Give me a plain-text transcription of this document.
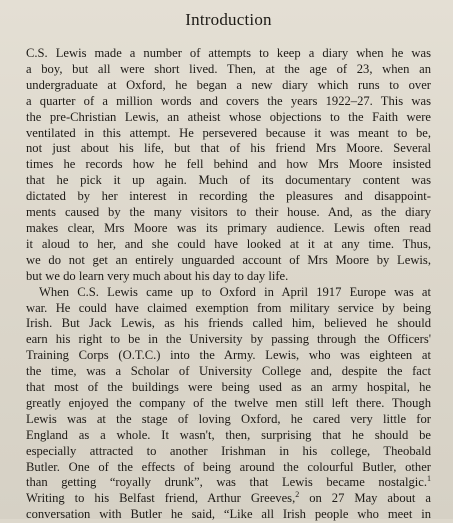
Introduction
C.S. Lewis made a number of attempts to keep a diary when he was
a boy, but all were short lived. Then, at the age of 23, when an
undergraduate at Oxford, he began a new diary which runs to over
a quarter of a million words and covers the years 1922–27. This was
the pre-Christian Lewis, an atheist whose objections to the Faith were
ventilated in this attempt. He persevered because it was meant to be,
not just about his life, but that of his friend Mrs Moore. Several
times he records how he fell behind and how Mrs Moore insisted
that he pick it up again. Much of its documentary content was
dictated by her interest in recording the pleasures and disappoint-
ments caused by the many visitors to their house. And, as the diary
makes clear, Mrs Moore was its primary audience. Lewis often read
it aloud to her, and she could have looked at it at any time. Thus,
we do not get an entirely unguarded account of Mrs Moore by Lewis,
but we do learn very much about his day to day life.
When C.S. Lewis came up to Oxford in April 1917 Europe was at
war. He could have claimed exemption from military service by being
Irish. But Jack Lewis, as his friends called him, believed he should
earn his right to be in the University by passing through the Officers'
Training Corps (O.T.C.) into the Army. Lewis, who was eighteen at
the time, was a Scholar of University College and, despite the fact
that most of the buildings were being used as an army hospital, he
greatly enjoyed the company of the twelve men still left there. Though
Lewis was at the stage of loving Oxford, he cared very little for
England as a whole. It wasn't, then, surprising that he should be
especially attracted to another Irishman in his college, Theobald
Butler. One of the effects of being around the colourful Butler, other
than getting “royally drunk”, was that Lewis became nostalgic.$^1$
Writing to his Belfast friend, Arthur Greeves,$^2$ on 27 May about a
conversation with Butler he said, “Like all Irish people who meet in
